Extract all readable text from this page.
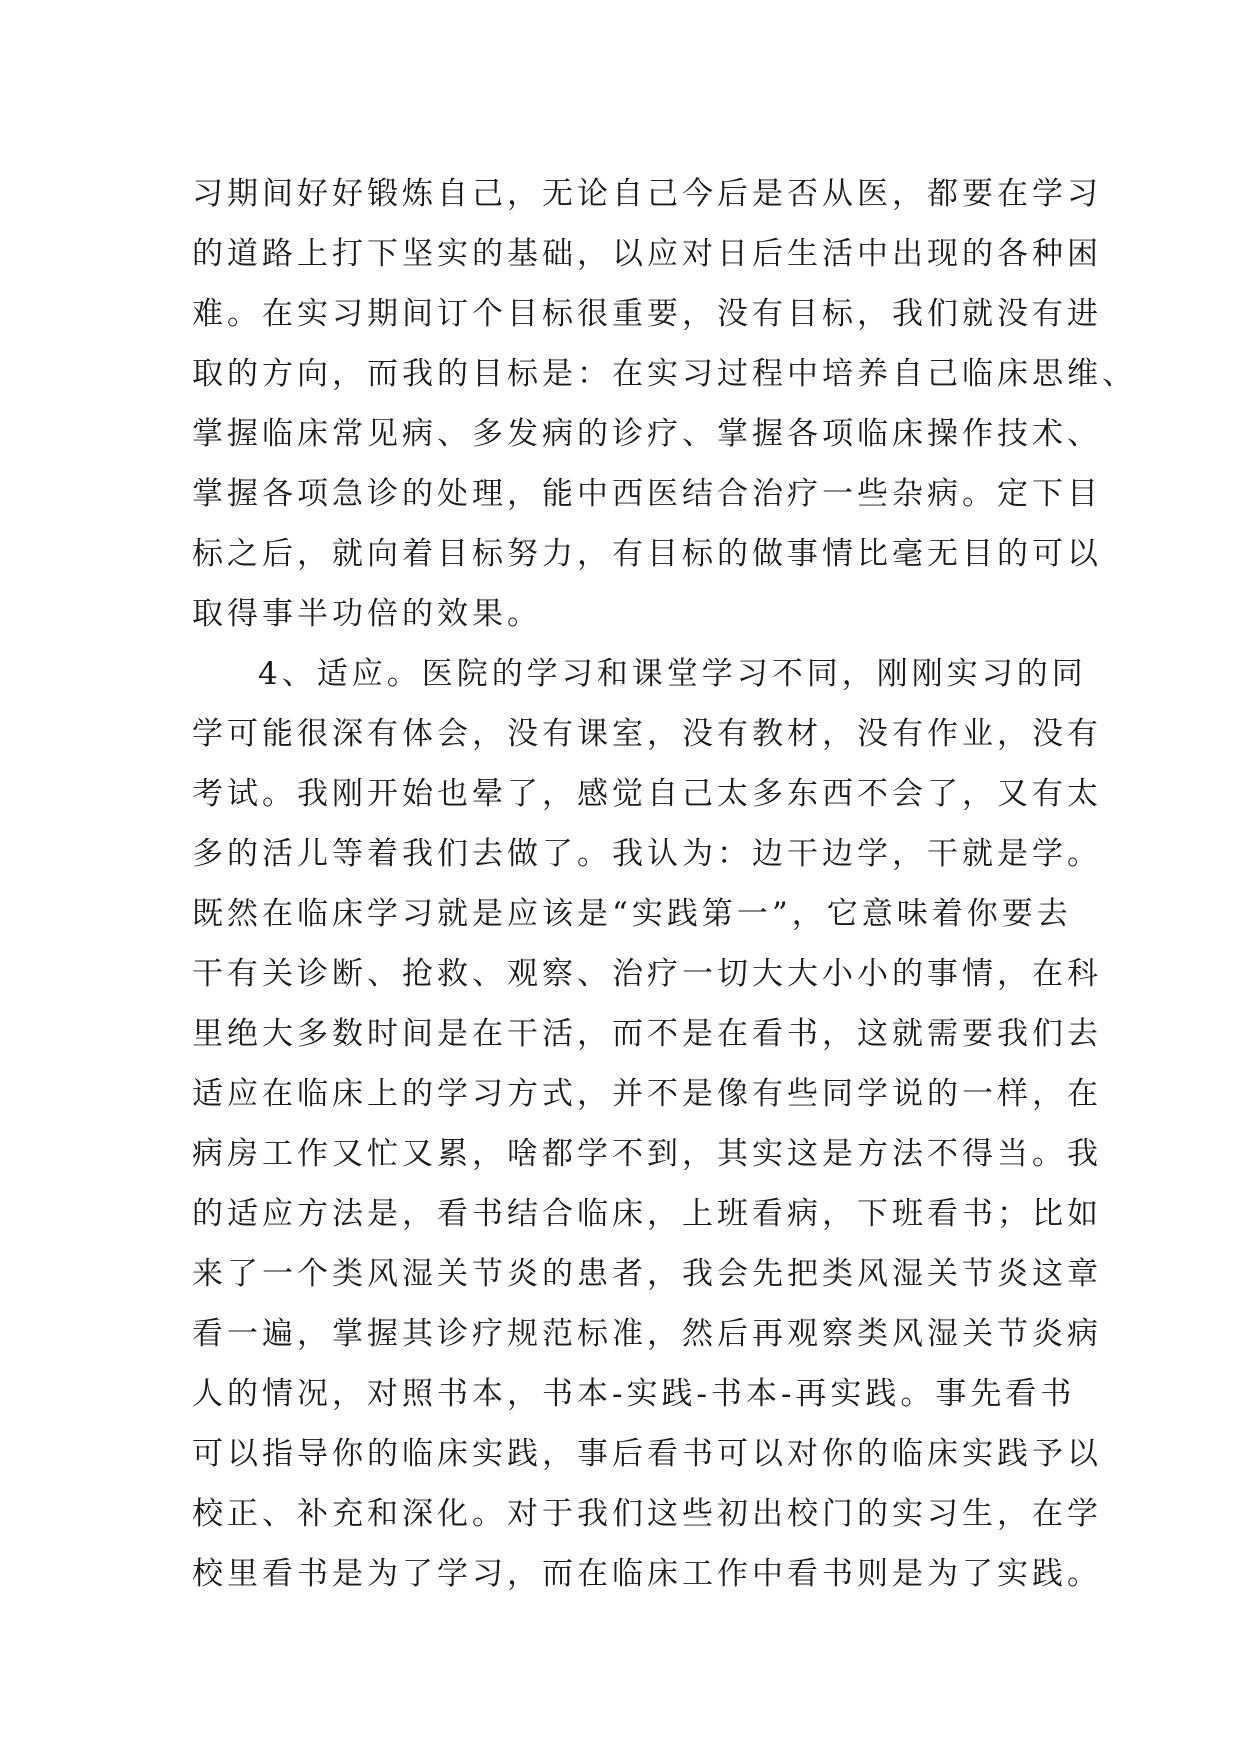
习期间好好锻炼自己，无论自己今后是否从医，都要在学习
的道路上打下坚实的基础，以应对日后生活中出现的各种困
难。在实习期间订个目标很重要，没有目标，我们就没有进
取的方向，而我的目标是：在实习过程中培养自己临床思维、
掌握临床常见病、多发病的诊疗、掌握各项临床操作技术、
掌握各项急诊的处理，能中西医结合治疗一些杂病。定下目
标之后，就向着目标努力，有目标的做事情比毫无目的可以
取得事半功倍的效果。
4、适应。医院的学习和课堂学习不同，刚刚实习的同
学可能很深有体会，没有课室，没有教材，没有作业，没有
考试。我刚开始也晕了，感觉自己太多东西不会了，又有太
多的活儿等着我们去做了。我认为：边干边学，干就是学。
既然在临床学习就是应该是“实践第一”，它意味着你要去
干有关诊断、抢救、观察、治疗一切大大小小的事情，在科
里绝大多数时间是在干活，而不是在看书，这就需要我们去
适应在临床上的学习方式，并不是像有些同学说的一样，在
病房工作又忙又累，啥都学不到，其实这是方法不得当。我
的适应方法是，看书结合临床，上班看病，下班看书；比如
来了一个类风湿关节炎的患者，我会先把类风湿关节炎这章
看一遍，掌握其诊疗规范标准，然后再观察类风湿关节炎病
人的情况，对照书本，书本-实践-书本-再实践。事先看书
可以指导你的临床实践，事后看书可以对你的临床实践予以
校正、补充和深化。对于我们这些初出校门的实习生，在学
校里看书是为了学习，而在临床工作中看书则是为了实践。
